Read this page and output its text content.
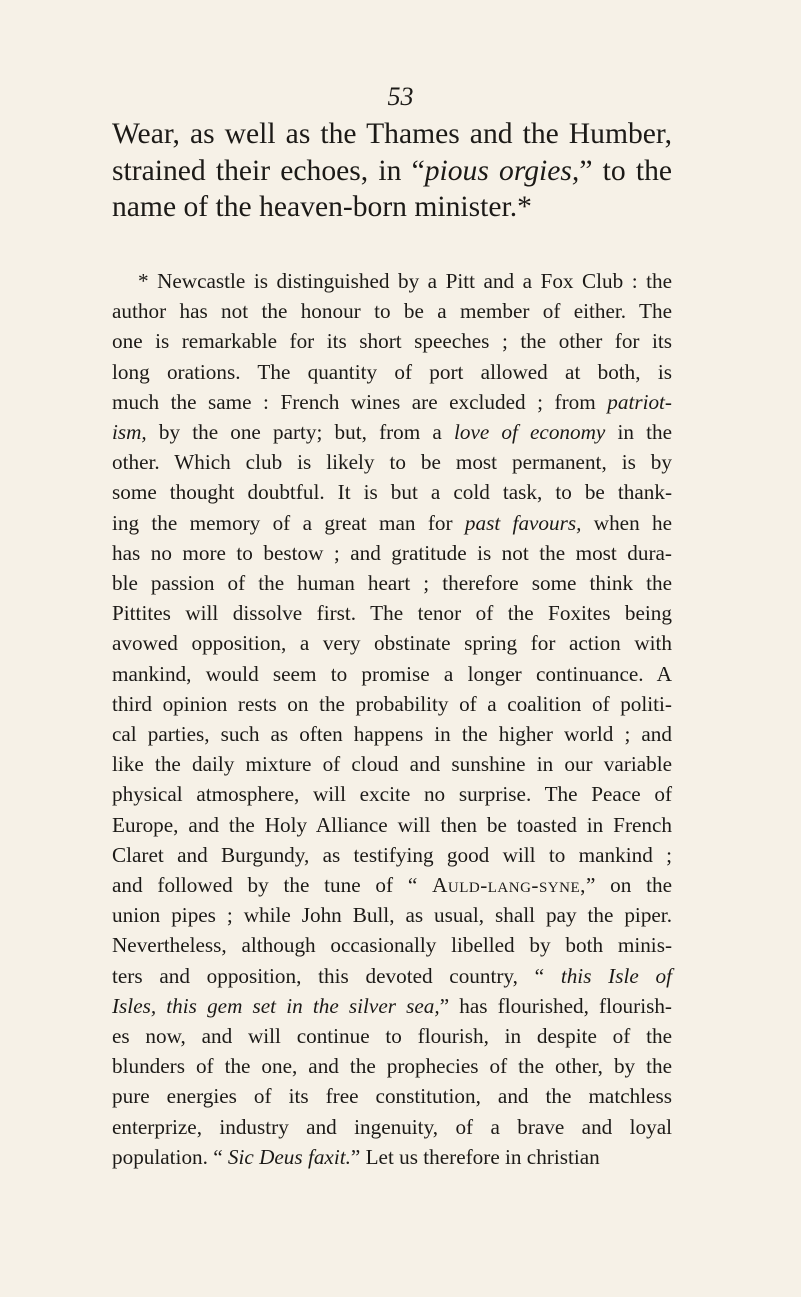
53
Wear, as well as the Thames and the Humber,
strained their echoes, in “pious orgies,” to the
name of the heaven-born minister.*
* Newcastle is distinguished by a Pitt and a Fox Club : the
author has not the honour to be a member of either. The
one is remarkable for its short speeches ; the other for its
long orations. The quantity of port allowed at both, is
much the same : French wines are excluded ; from patriot-
ism, by the one party; but, from a love of economy in the
other. Which club is likely to be most permanent, is by
some thought doubtful. It is but a cold task, to be thank-
ing the memory of a great man for past favours, when he
has no more to bestow ; and gratitude is not the most dura-
ble passion of the human heart ; therefore some think the
Pittites will dissolve first. The tenor of the Foxites being
avowed opposition, a very obstinate spring for action with
mankind, would seem to promise a longer continuance. A
third opinion rests on the probability of a coalition of politi-
cal parties, such as often happens in the higher world ; and
like the daily mixture of cloud and sunshine in our variable
physical atmosphere, will excite no surprise. The Peace of
Europe, and the Holy Alliance will then be toasted in French
Claret and Burgundy, as testifying good will to mankind ;
and followed by the tune of “ Auld-lang-syne,” on the
union pipes ; while John Bull, as usual, shall pay the piper.
Nevertheless, although occasionally libelled by both minis-
ters and opposition, this devoted country, “ this Isle of
Isles, this gem set in the silver sea,” has flourished, flourish-
es now, and will continue to flourish, in despite of the
blunders of the one, and the prophecies of the other, by the
pure energies of its free constitution, and the matchless
enterprize, industry and ingenuity, of a brave and loyal
population. “ Sic Deus faxit.” Let us therefore in christian
